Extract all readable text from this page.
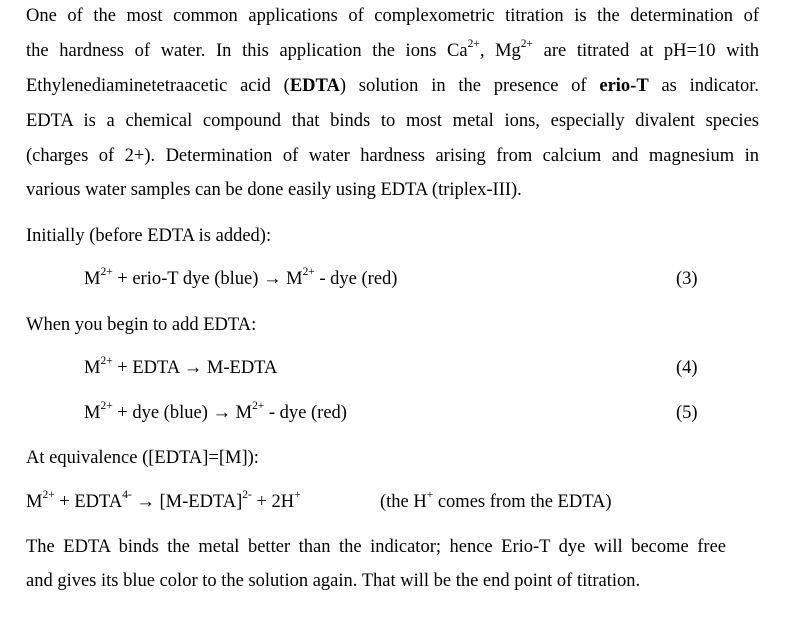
One of the most common applications of complexometric titration is the determination of
the hardness of water. In this application the ions $Ca^{2+}$, $Mg^{2+}$ are titrated at pH=10 with
Ethylenediaminetetraacetic acid (EDTA) solution in the presence of erio-T as indicator.
EDTA is a chemical compound that binds to most metal ions, especially divalent species
(charges of 2+). Determination of water hardness arising from calcium and magnesium in
various water samples can be done easily using EDTA (triplex-III).
Initially (before EDTA is added):
$M^{2+}$ + erio-T dye (blue) → $M^{2+}$ - dye (red)	(3)
When you begin to add EDTA:
$M^{2+}$ + EDTA → M-EDTA	(4)
$M^{2+}$ + dye (blue) → $M^{2+}$ - dye (red)	(5)
At equivalence ([EDTA]=[M]):
$M^{2+}$ + $EDTA^{4-}$ → [M-EDTA]$^{2-}$ + 2H+	(the H+ comes from the EDTA)
The EDTA binds the metal better than the indicator; hence Erio-T dye will become free
and gives its blue color to the solution again. That will be the end point of titration.
